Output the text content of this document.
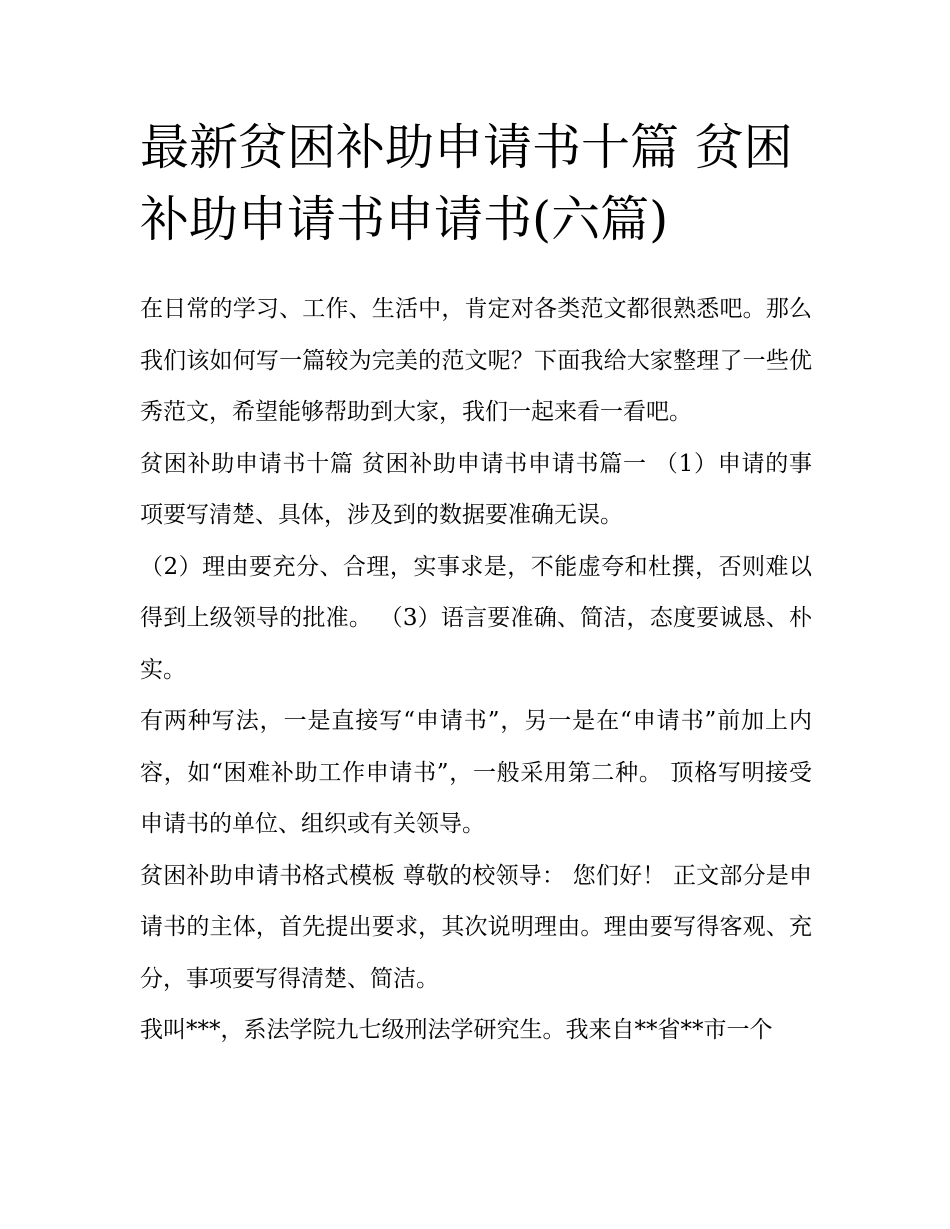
最新贫困补助申请书十篇 贫困
补助申请书申请书(六篇)

在日常的学习、工作、生活中，肯定对各类范文都很熟悉吧。那么我们该如何写一篇较为完美的范文呢？下面我给大家整理了一些优秀范文，希望能够帮助到大家，我们一起来看一看吧。

贫困补助申请书十篇 贫困补助申请书申请书篇一 （1）申请的事项要写清楚、具体，涉及到的数据要准确无误。

（2）理由要充分、合理，实事求是，不能虚夸和杜撰，否则难以得到上级领导的批准。 （3）语言要准确、简洁，态度要诚恳、朴实。

有两种写法，一是直接写“申请书”，另一是在“申请书”前加上内容，如“困难补助工作申请书”，一般采用第二种。 顶格写明接受申请书的单位、组织或有关领导。

贫困补助申请书格式模板 尊敬的校领导： 您们好！ 正文部分是申请书的主体，首先提出要求，其次说明理由。理由要写得客观、充分，事项要写得清楚、简洁。

我叫***，系法学院九七级刑法学研究生。我来自**省**市一个
